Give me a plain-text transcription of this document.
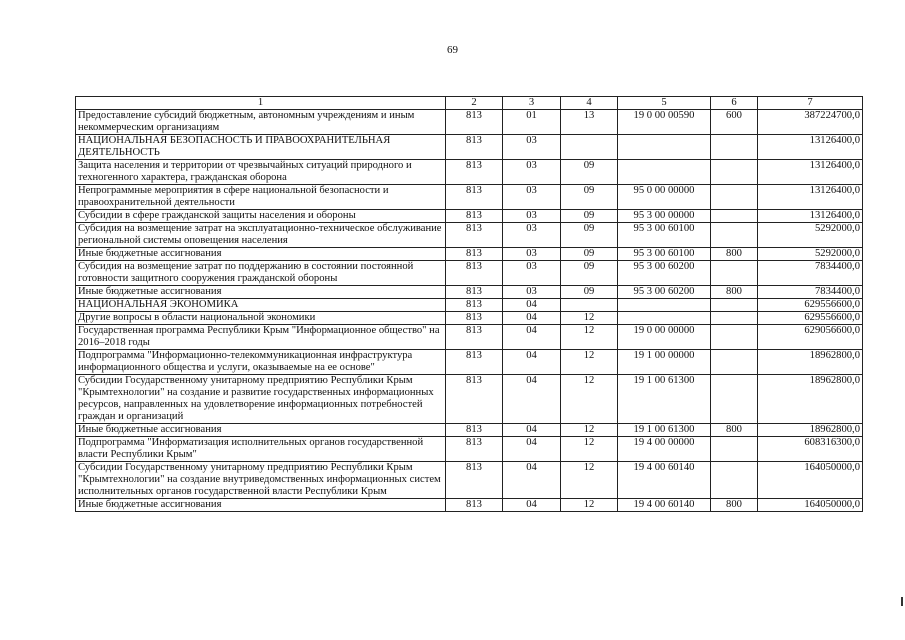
69
1	2	3	4	5	6	7
Предоставление субсидий бюджетным, автономным учреждениям и иным некоммерческим организациям	813	01	13	19 0 00 00590	600	387224700,0
НАЦИОНАЛЬНАЯ БЕЗОПАСНОСТЬ И ПРАВООХРАНИТЕЛЬНАЯ ДЕЯТЕЛЬНОСТЬ	813	03				13126400,0
Защита населения и территории от чрезвычайных ситуаций природного и техногенного характера, гражданская оборона	813	03	09			13126400,0
Непрограммные мероприятия в сфере национальной безопасности и правоохранительной деятельности	813	03	09	95 0 00 00000		13126400,0
Субсидии в сфере гражданской защиты населения и обороны	813	03	09	95 3 00 00000		13126400,0
Субсидия на возмещение затрат на эксплуатационно-техническое обслуживание региональной системы оповещения населения	813	03	09	95 3 00 60100		5292000,0
Иные бюджетные ассигнования	813	03	09	95 3 00 60100	800	5292000,0
Субсидия на возмещение затрат по поддержанию в состоянии постоянной готовности защитного сооружения гражданской обороны	813	03	09	95 3 00 60200		7834400,0
Иные бюджетные ассигнования	813	03	09	95 3 00 60200	800	7834400,0
НАЦИОНАЛЬНАЯ ЭКОНОМИКА	813	04				629556600,0
Другие вопросы в области национальной экономики	813	04	12			629556600,0
Государственная программа Республики Крым "Информационное общество" на 2016–2018 годы	813	04	12	19 0 00 00000		629056600,0
Подпрограмма "Информационно-телекоммуникационная инфраструктура информационного общества и услуги, оказываемые на ее основе"	813	04	12	19 1 00 00000		18962800,0
Субсидии Государственному унитарному предприятию Республики Крым "Крымтехнологии" на создание и развитие государственных информационных ресурсов, направленных на удовлетворение информационных потребностей граждан и организаций	813	04	12	19 1 00 61300		18962800,0
Иные бюджетные ассигнования	813	04	12	19 1 00 61300	800	18962800,0
Подпрограмма "Информатизация исполнительных органов государственной власти Республики Крым"	813	04	12	19 4 00 00000		608316300,0
Субсидии Государственному унитарному предприятию Республики Крым "Крымтехнологии" на создание внутриведомственных информационных систем исполнительных органов государственной власти Республики Крым	813	04	12	19 4 00 60140		164050000,0
Иные бюджетные ассигнования	813	04	12	19 4 00 60140	800	164050000,0
